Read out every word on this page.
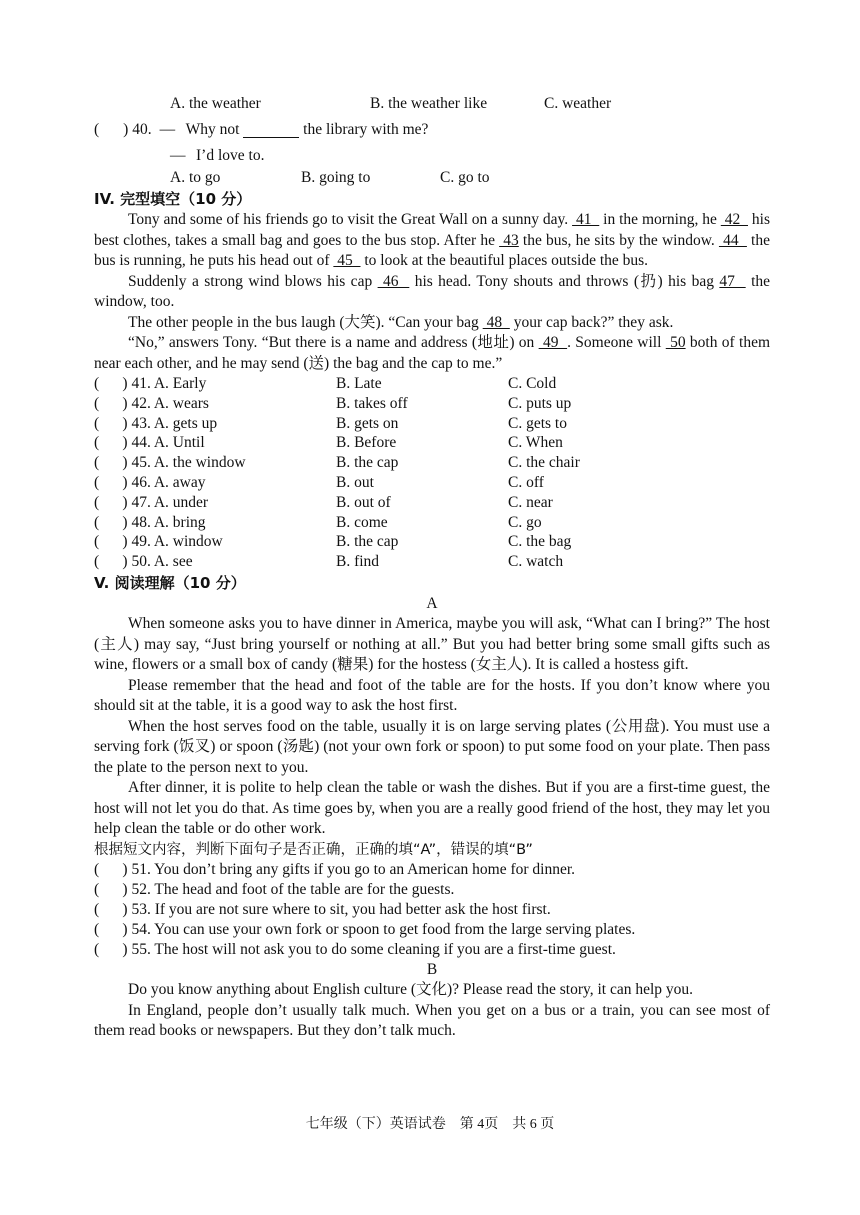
A. the weather	B. the weather like	C. weather
( ) 40. — Why not

	the library with me?
— I’d love to.
A. to go	B. going to	C. go to
IV. 完型填空（10 分）
Tony and some of his friends go to visit the Great Wall on a sunny day.  41   in the morning, he  42   his best clothes, takes a small bag and goes to the bus stop. After he  43 the bus, he sits by the window.  44   the bus is running, he puts his head out of  45   to look at the beautiful places outside the bus.
Suddenly a strong wind blows his cap  46   his head. Tony shouts and throws (扔) his bag 47   the window, too.
The other people in the bus laugh (大笑). “Can your bag  48   your cap back?” they ask.
“No,” answers Tony. “But there is a name and address (地址) on  49  . Someone will  50 both of them near each other, and he may send (送) the bag and the cap to me.”
(      ) 41. A. Early	B. Late	C. Cold
(      ) 42. A. wears	B. takes off	C. puts up
(      ) 43. A. gets up	B. gets on	C. gets to
(      ) 44. A. Until	B. Before	C. When
(      ) 45. A. the window	B. the cap	C. the chair
(      ) 46. A. away	B. out	C. off
(      ) 47. A. under	B. out of	C. near
(      ) 48. A. bring	B. come	C. go
(      ) 49. A. window	B. the cap	C. the bag
(      ) 50. A. see	B. find	C. watch
V. 阅读理解（10 分）
A
When someone asks you to have dinner in America, maybe you will ask, “What can I bring?” The host (主人) may say, “Just bring yourself or nothing at all.” But you had better bring some small gifts such as wine, flowers or a small box of candy (糖果) for the hostess (女主人). It is called a hostess gift.
Please remember that the head and foot of the table are for the hosts. If you don’t know where you should sit at the table, it is a good way to ask the host first.
When the host serves food on the table, usually it is on large serving plates (公用盘). You must use a serving fork (饭叉) or spoon (汤匙) (not your own fork or spoon) to put some food on your plate. Then pass the plate to the person next to you.
After dinner, it is polite to help clean the table or wash the dishes. But if you are a first-time guest, the host will not let you do that. As time goes by, when you are a really good friend of the host, they may let you help clean the table or do other work.
根据短文内容，判断下面句子是否正确，正确的填“A”，错误的填“B”
(      ) 51. You don’t bring any gifts if you go to an American home for dinner.
(      ) 52. The head and foot of the table are for the guests.
(      ) 53. If you are not sure where to sit, you had better ask the host first.
(      ) 54. You can use your own fork or spoon to get food from the large serving plates.
(      ) 55. The host will not ask you to do some cleaning if you are a first-time guest.
B
Do you know anything about English culture (文化)? Please read the story, it can help you.
In England, people don’t usually talk much. When you get on a bus or a train, you can see most of them read books or newspapers. But they don’t talk much.
七年级（下）英语试卷    第 4页    共 6 页
